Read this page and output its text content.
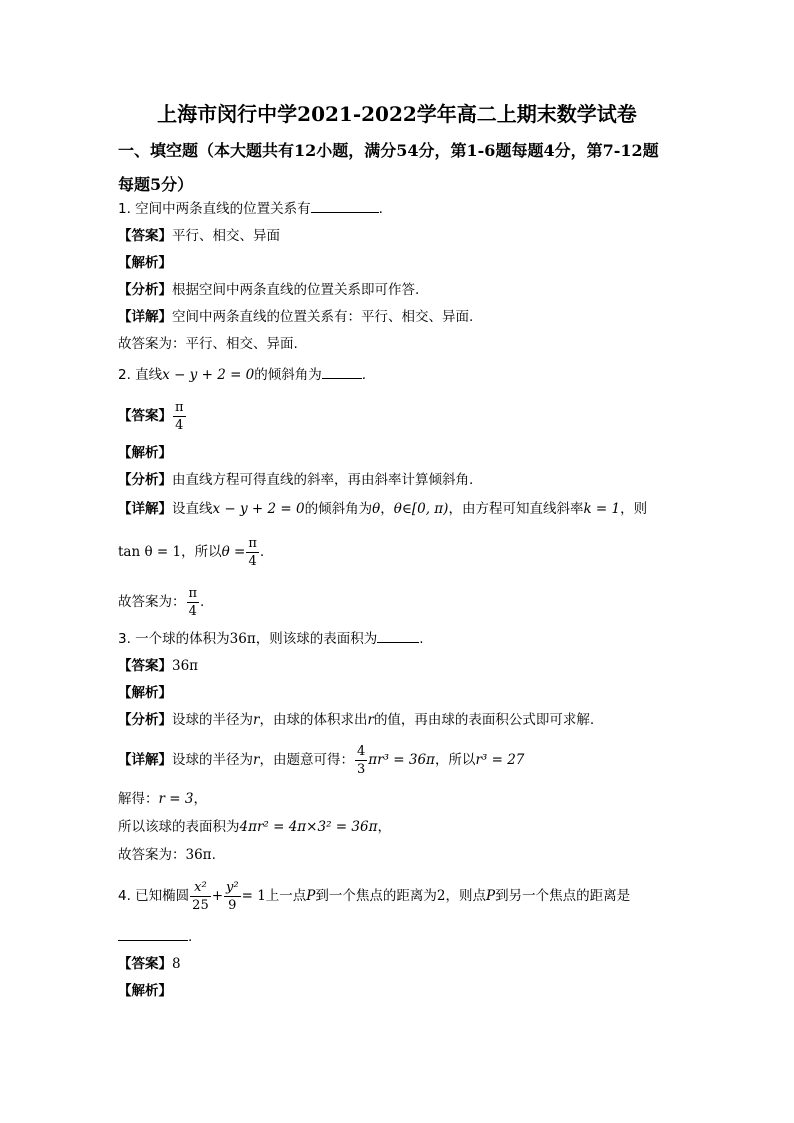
上海市闵行中学2021-2022学年高二上期末数学试卷
一、填空题（本大题共有12小题，满分54分，第1-6题每题4分，第7-12题
每题5分）
1. 空间中两条直线的位置关系有	.
【答案】平行、相交、异面
【解析】
【分析】根据空间中两条直线的位置关系即可作答.
【详解】空间中两条直线的位置关系有：平行、相交、异面.
故答案为：平行、相交、异面.
2. 直线x − y + 2 = 0的倾斜角为	.
【答案】 $\frac{\pi}{4}$
【解析】
【分析】由直线方程可得直线的斜率，再由斜率计算倾斜角.
【详解】设直线x − y + 2 = 0的倾斜角为θ，θ∈[0, π)，由方程可知直线斜率k = 1，则
tan θ = 1，所以$\theta = \frac{\pi}{4}$ .
故答案为： $\frac{\pi}{4}$ .
3. 一个球的体积为36π，则该球的表面积为	.
【答案】36π
【解析】
【分析】设球的半径为r，由球的体积求出r的值，再由球的表面积公式即可求解.
【详解】设球的半径为r，由题意可得： $\frac{4}{3} \pi r^3 = 36\pi$，所以r³ = 27
解得：r = 3，
所以该球的表面积为4πr² = 4π×3² = 36π，
故答案为：36π.
4. 已知椭圆 $\frac{\text{x²}}{25} + \frac{\text{y²}}{9} = 1$上一点P到一个焦点的距离为2，则点P到另一个焦点的距离是
.
【答案】8
【解析】
